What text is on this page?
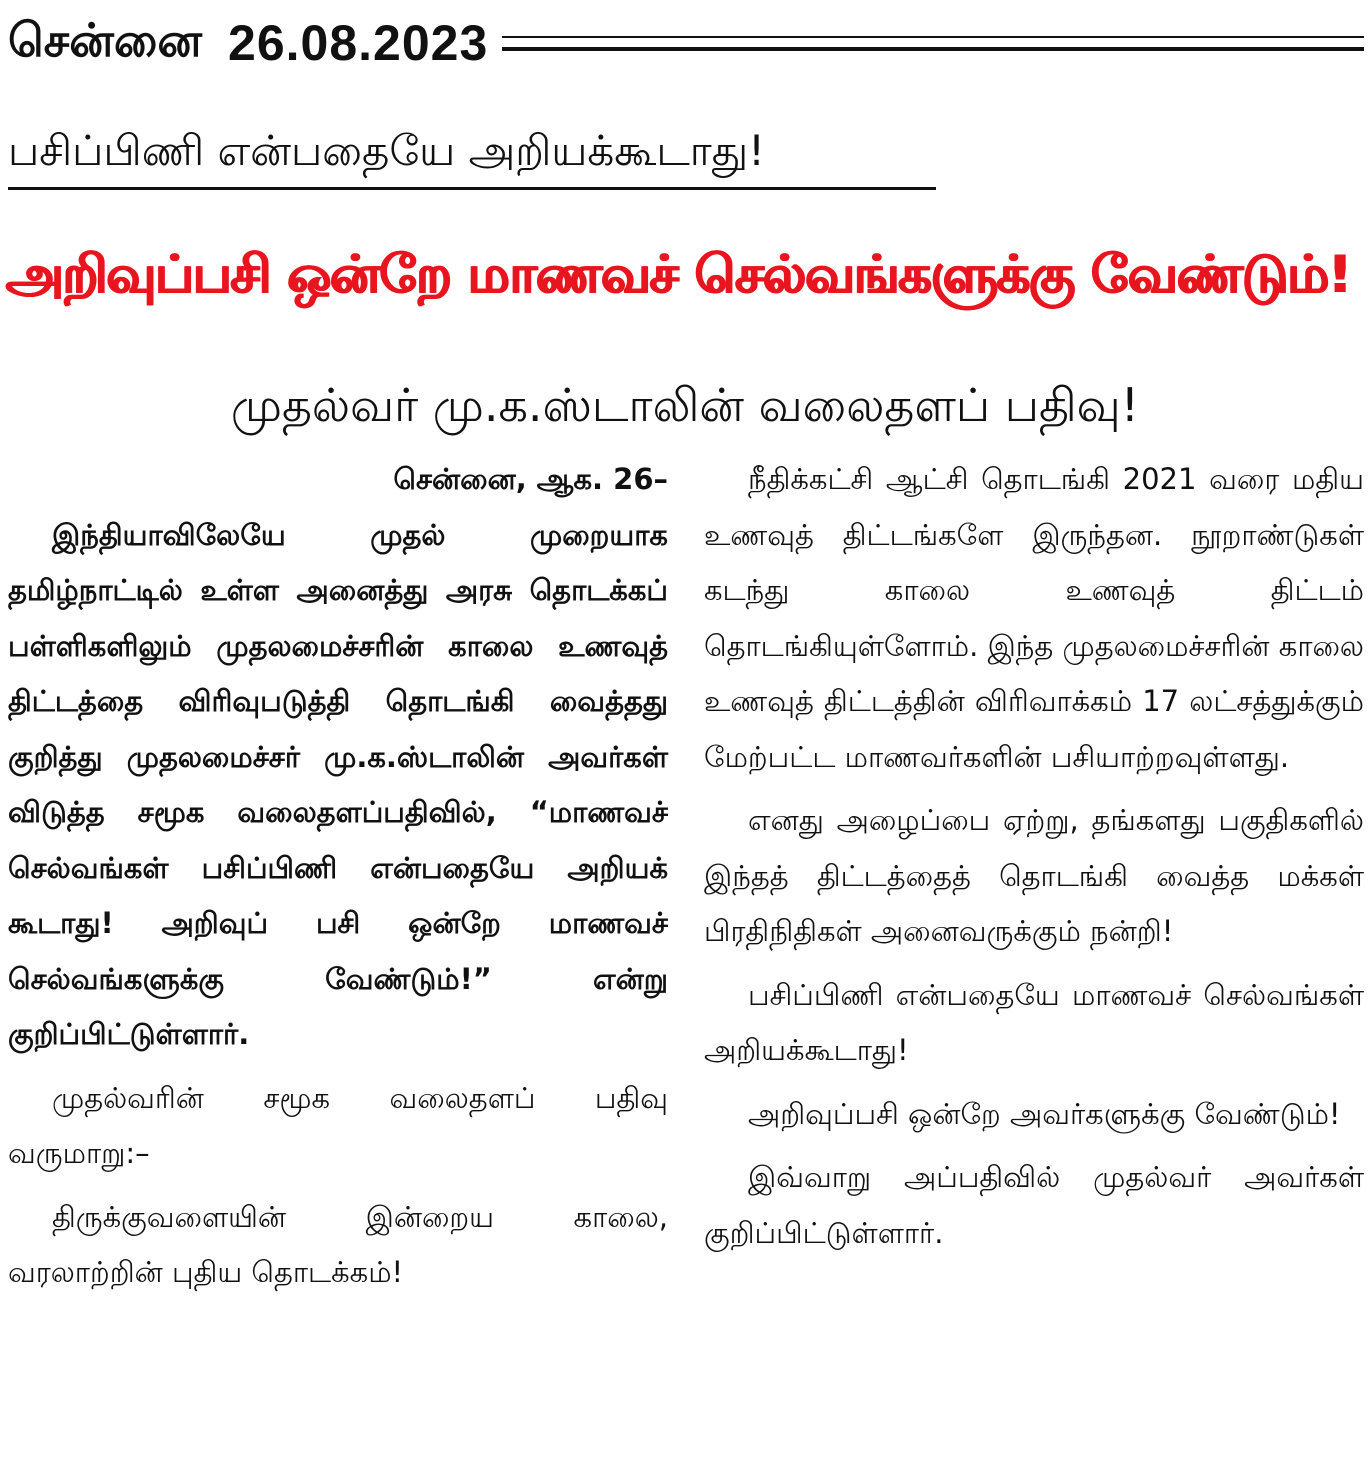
சென்னை 26.08.2023
பசிப்பிணி என்பதையே அறியக்கூடாது!
அறிவுப்பசி ஒன்றே மாணவச் செல்வங்களுக்கு வேண்டும்!
முதல்வர் மு.க.ஸ்டாலின் வலைதளப் பதிவு!
சென்னை, ஆக. 26–

இந்தியாவிலேயே முதல் முறையாக தமிழ்நாட்டில் உள்ள அனைத்து அரசு தொடக்கப் பள்ளிகளிலும் முதலமைச்சரின் காலை உணவுத் திட்டத்தை விரிவுபடுத்தி தொடங்கி வைத்தது குறித்து முதலமைச்சர் மு.க.ஸ்டாலின் அவர்கள் விடுத்த சமூக வலைதளப்பதிவில், “மாணவச் செல்வங்கள் பசிப்பிணி என்பதையே அறியக் கூடாது! அறிவுப் பசி ஒன்றே மாணவச் செல்வங்களுக்கு வேண்டும்!” என்று குறிப்பிட்டுள்ளார்.

முதல்வரின் சமூக வலைதளப் பதிவு வருமாறு:–

திருக்குவளையின் இன்றைய காலை, வரலாற்றின் புதிய தொடக்கம்!

நீதிக்கட்சி ஆட்சி தொடங்கி 2021 வரை மதிய உணவுத் திட்டங்களே இருந்தன. நூறாண்டுகள் கடந்து காலை உணவுத் திட்டம் தொடங்கியுள்ளோம். இந்த முதலமைச்சரின் காலை உணவுத் திட்டத்தின் விரிவாக்கம் 17 லட்சத்துக்கும் மேற்பட்ட மாணவர்களின் பசியாற்றவுள்ளது.

எனது அழைப்பை ஏற்று, தங்களது பகுதிகளில் இந்தத் திட்டத்தைத் தொடங்கி வைத்த மக்கள் பிரதிநிதிகள் அனைவருக்கும் நன்றி!

பசிப்பிணி என்பதையே மாணவச் செல்வங்கள் அறியக்கூடாது!

அறிவுப்பசி ஒன்றே அவர்களுக்கு வேண்டும்!

இவ்வாறு அப்பதிவில் முதல்வர் அவர்கள் குறிப்பிட்டுள்ளார்.
